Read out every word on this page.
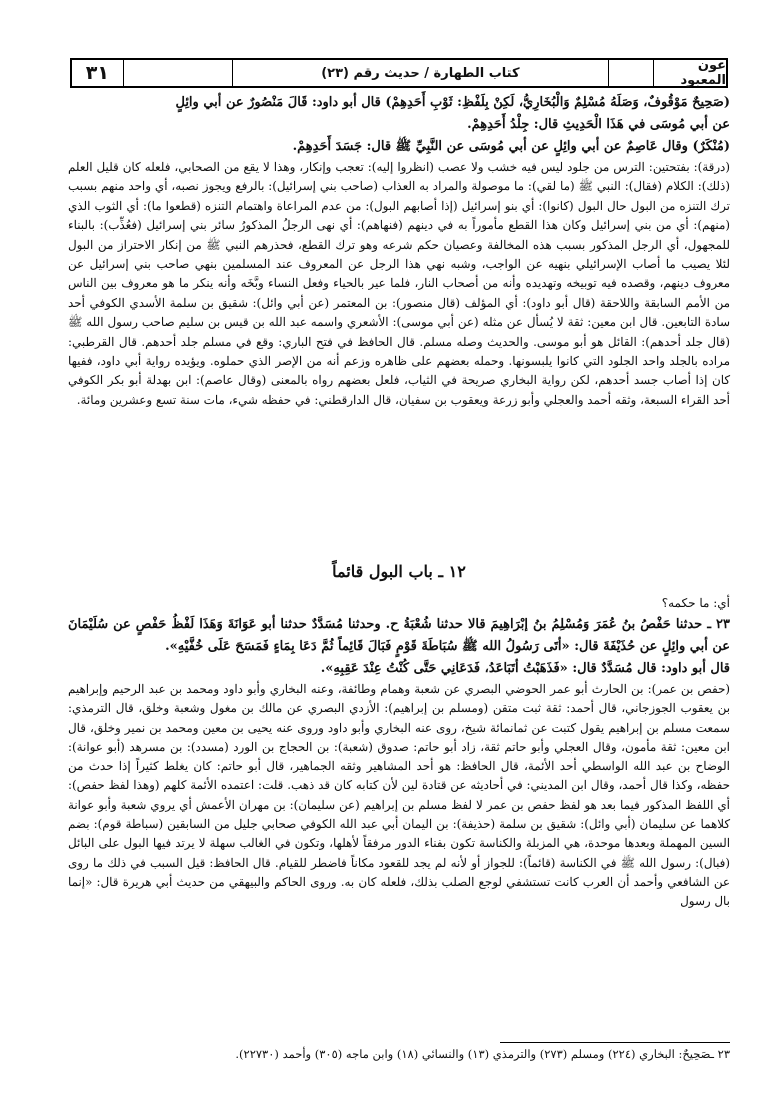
٣١	كتاب الطهارة / حديث رقم (٢٣)	عون المعبود

(صَحِيحٌ مَوْقُوفٌ، وَصَلَهُ مُسْلِمٌ وَالْبُخَارِيُّ، لَكِنْ بِلَفْظِ: ثَوْبِ أَحَدِهِمْ) قال أبو داود: قَالَ مَنْصُورٌ عن أبي وائِلٍ

عن أبي مُوسَى في هَذَا الْحَدِيثِ قال: جِلْدُ أَحَدِهِمْ.

(مُنْكَرٌ) وقال عَاصِمٌ عن أبي وائِلٍ عن أبي مُوسَى عن النَّبِيِّ ﷺ قال: جَسَدَ أَحَدِهِمْ.

(درقة): بفتحتين: الترس من جلود ليس فيه خشب ولا عصب (انظروا إليه): تعجب وإنكار، وهذا لا يقع من الصحابي، فلعله كان قليل العلم (ذلك): الكلام (فقال): النبي ﷺ (ما لقي): ما موصولة والمراد به العذاب (صاحب بني إسرائيل): بالرفع ويجوز نصبه، أي واحد منهم بسبب ترك التنزه من البول حال البول (كانوا): أي بنو إسرائيل (إذا أصابهم البول): من عدم المراعاة واهتمام التنزه (قطعوا ما): أي الثوب الذي (منهم): أي من بني إسرائيل وكان هذا القطع مأموراً به في دينهم (فنهاهم): أي نهى الرجلُ المذكورُ سائر بني إسرائيل (فعُذِّب): بالبناء للمجهول، أي الرجل المذكور بسبب هذه المخالفة وعصيان حكم شرعه وهو ترك القطع، فحذرهم النبي ﷺ من إنكار الاحتراز من البول لئلا يصيب ما أصاب الإسرائيلي بنهيه عن الواجب، وشبه نهي هذا الرجل عن المعروف عند المسلمين بنهي صاحب بني إسرائيل عن معروف دينهم، وقصده فيه توبيخه وتهديده وأنه من أصحاب النار، فلما عير بالحياء وفعل النساء وبَّخَه وأنه ينكر ما هو معروف بين الناس من الأمم السابقة واللاحقة (قال أبو داود): أي المؤلف (قال منصور): بن المعتمر (عن أبي وائل): شقيق بن سلمة الأسدي الكوفي أحد سادة التابعين. قال ابن معين: ثقة لا يُسأل عن مثله (عن أبي موسى): الأشعري واسمه عبد الله بن قيس بن سليم صاحب رسول الله ﷺ (قال جلد أحدهم): القائل هو أبو موسى. والحديث وصله مسلم. قال الحافظ في فتح الباري: وقع في مسلم جلد أحدهم. قال القرطبي: مراده بالجلد واحد الجلود التي كانوا يلبسونها. وحمله بعضهم على ظاهره وزعم أنه من الإصر الذي حملوه. ويؤيده رواية أبي داود، ففيها كان إذا أصاب جسد أحدهم، لكن رواية البخاري صريحة في الثياب، فلعل بعضهم رواه بالمعنى (وقال عاصم): ابن بهدلة أبو بكر الكوفي أحد القراء السبعة، وثقه أحمد والعجلي وأبو زرعة ويعقوب بن سفيان، قال الدارقطني: في حفظه شيء، مات سنة تسع وعشرين ومائة.

١٢ ـ باب البول قائماً
أي: ما حكمه؟

٢٣ ـ حدثنا حَفْصُ بنُ عُمَرَ وَمُسْلِمُ بنُ إبْرَاهِيمَ قالا حدثنا شُعْبَةُ ح. وحدثنا مُسَدَّدٌ حدثنا أبو عَوَانَةَ وَهَذَا لَفْظُ حَفْصٍ عن سُلَيْمَانَ عن أبي وائِلٍ عن حُذَيْفَةَ قال: «أتَى رَسُولُ الله ﷺ سُبَاطَةَ قَوْمٍ فَبَالَ قَائِماً ثُمَّ دَعَا بِمَاءٍ فَمَسَحَ عَلَى خُفَّيْهِ».

قال أبو داود: قال مُسَدَّدٌ قال: «فَذَهَبْتُ أتَبَاعَدُ، فَدَعَانِي حَتَّى كُنْتُ عِنْدَ عَقِبِهِ».

(حفص بن عمر): بن الحارث أبو عمر الحوضي البصري عن شعبة وهمام وطائفة، وعنه البخاري وأبو داود ومحمد بن عبد الرحيم وإبراهيم بن يعقوب الجوزجاني، قال أحمد: ثقة ثبت متقن (ومسلم بن إبراهيم): الأزدي البصري عن مالك بن مغول وشعبة وخلق، قال الترمذي: سمعت مسلم بن إبراهيم يقول كتبت عن ثمانمائة شيخ، روى عنه البخاري وأبو داود وروى عنه يحيى بن معين ومحمد بن نمير وخلق، قال ابن معين: ثقة مأمون، وقال العجلي وأبو حاتم ثقة، زاد أبو حاتم: صدوق (شعبة): بن الحجاج بن الورد (مسدد): بن مسرهد (أبو عوانة): الوضاح بن عبد الله الواسطي أحد الأئمة، قال الحافظ: هو أحد المشاهير وثقه الجماهير، قال أبو حاتم: كان يغلط كثيراً إذا حدث من حفظه، وكذا قال أحمد، وقال ابن المديني: في أحاديثه عن قتادة لين لأن كتابه كان قد ذهب. قلت: اعتمده الأئمة كلهم (وهذا لفظ حفص): أي اللفظ المذكور فيما بعد هو لفظ حفص بن عمر لا لفظ مسلم بن إبراهيم (عن سليمان): بن مهران الأعمش أي يروي شعبة وأبو عوانة كلاهما عن سليمان (أبي وائل): شقيق بن سلمة (حذيفة): بن اليمان أبي عبد الله الكوفي صحابي جليل من السابقين (سباطة قوم): بضم السين المهملة وبعدها موحدة، هي المزبلة والكناسة تكون بفناء الدور مرفقاً لأهلها، وتكون في الغالب سهلة لا يرتد فيها البول على البائل (فبال): رسول الله ﷺ في الكناسة (قائماً): للجواز أو لأنه لم يجد للقعود مكاناً فاضطر للقيام. قال الحافظ: قيل السبب في ذلك ما روى عن الشافعي وأحمد أن العرب كانت تستشفي لوجع الصلب بذلك، فلعله كان به. وروى الحاكم والبيهقي من حديث أبي هريرة قال: «إنما بال رسول

٢٣ ـصَحِيحٌ: البخاري (٢٢٤) ومسلم (٢٧٣) والترمذي (١٣) والنسائي (١٨) وابن ماجه (٣٠٥) وأحمد (٢٢٧٣٠).
